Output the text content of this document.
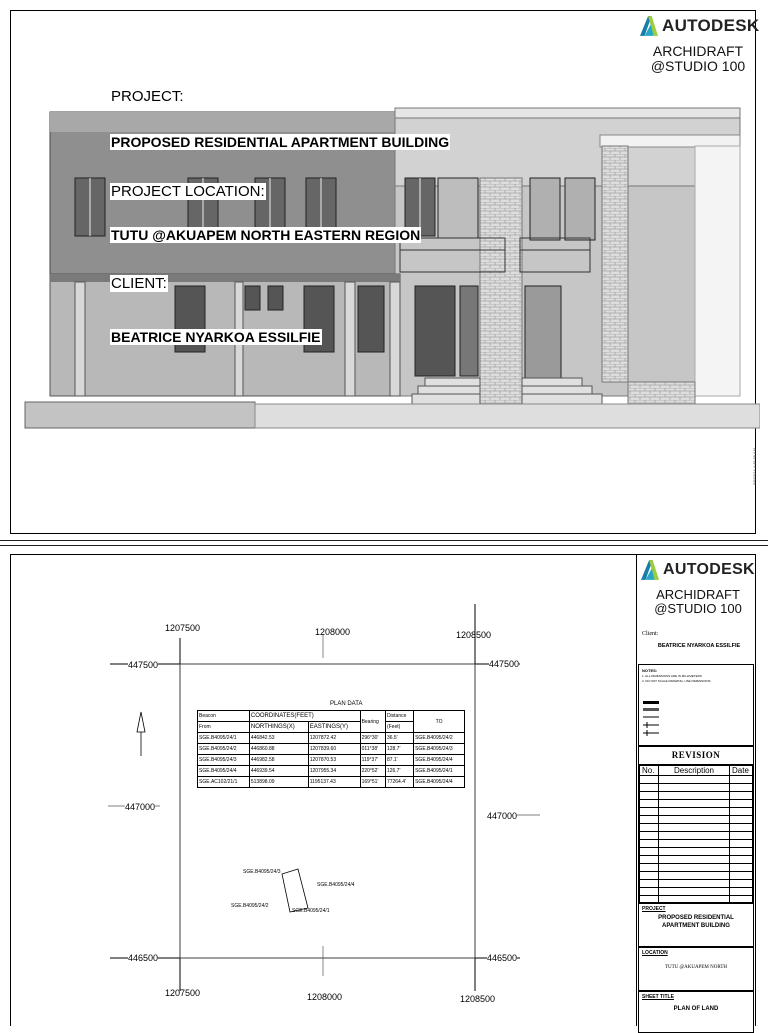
PROJECT:
PROPOSED RESIDENTIAL APARTMENT BUILDING
PROJECT LOCATION:
TUTU @AKUAPEM NORTH EASTERN REGION
CLIENT:
BEATRICE NYARKOA ESSILFIE
AUTODESK
ARCHIDRAFT
@STUDIO 100
5/6/2024 4:46:59 AM
1207500	1208000	1208500
1207500	1208000	1208500
447500
447000
446500
447500
447000
446500
PLAN DATA
Beacon	COORDINATES(FEET)		Bearing	Distance	TO
From	NORTHINGS(X)	EASTINGS(Y)		(Feet)	
SGE.B4095/24/1	446842.53	1207872.42	296°30'	36.5'	SGE.B4095/24/2
SGE.B4095/24/2	446860.88	1207839.60	011°38'	128.7'	SGE.B4095/24/3
SGE.B4095/24/3	446982.58	1207870.53	119°37'	87.1'	SGE.B4095/24/4
SGE.B4095/24/4	446939.54	1207955.34	220°52'	126.7'	SGE.B4095/24/1
SGE.AC102/21/1	513898.09	1195137.43	169°51'	77264.4'	SGE.B4095/24/4
SGE.B4095/24/3
SGE.B4095/24/4
SGE.B4095/24/2
SGE.B4095/24/1
AUTODESK
ARCHIDRAFT
@STUDIO 100
Client:
BEATRICE NYARKOA ESSILFIE
NOTES:
1. ALL DIMENSIONS ARE IN MILLIMETERS
2. DO NOT SCALE DRAWING, USE DIMENSIONS
REVISION
No.	Description	Date

PROJECT
PROPOSED RESIDENTIAL APARTMENT BUILDING
LOCATION
TUTU @AKUAPEM NORTH
SHEET TITLE
PLAN OF LAND
